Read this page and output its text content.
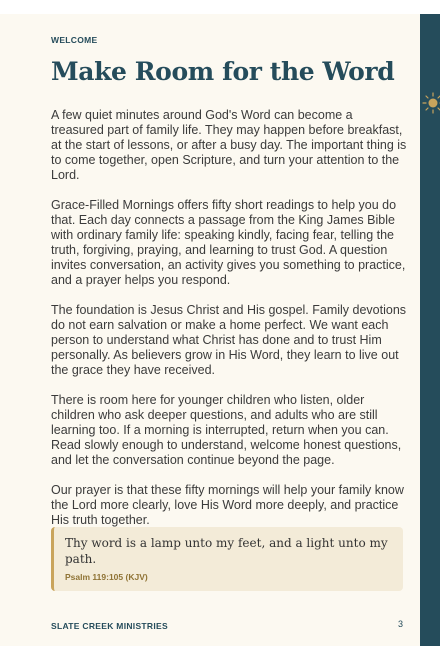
WELCOME
Make Room for the Word

A few quiet minutes around God's Word can become a treasured part of family life. They may happen before breakfast, at the start of lessons, or after a busy day. The important thing is to come together, open Scripture, and turn your attention to the Lord.

Grace-Filled Mornings offers fifty short readings to help you do that. Each day connects a passage from the King James Bible with ordinary family life: speaking kindly, facing fear, telling the truth, forgiving, praying, and learning to trust God. A question invites conversation, an activity gives you something to practice, and a prayer helps you respond.

The foundation is Jesus Christ and His gospel. Family devotions do not earn salvation or make a home perfect. We want each person to understand what Christ has done and to trust Him personally. As believers grow in His Word, they learn to live out the grace they have received.

There is room here for younger children who listen, older children who ask deeper questions, and adults who are still learning too. If a morning is interrupted, return when you can. Read slowly enough to understand, welcome honest questions, and let the conversation continue beyond the page.

Our prayer is that these fifty mornings will help your family know the Lord more clearly, love His Word more deeply, and practice His truth together.

Thy word is a lamp unto my feet, and a light unto my path.
Psalm 119:105 (KJV)
SLATE CREEK MINISTRIES	3
